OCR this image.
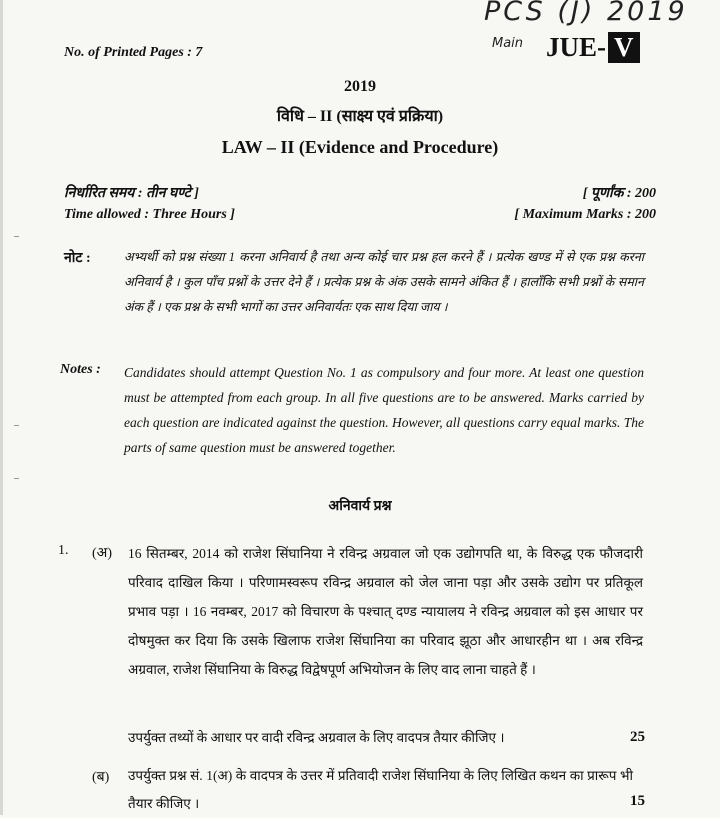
PCS (J) 2019
Main
No. of Printed Pages : 7	JUE- V
2019
विधि – II (साक्ष्य एवं प्रक्रिया)
LAW – II (Evidence and Procedure)
निर्धारित समय : तीन घण्टे ]	[ पूर्णांक : 200
Time allowed : Three Hours ]	[ Maximum Marks : 200
नोट :	अभ्यर्थी को प्रश्न संख्या 1 करना अनिवार्य है तथा अन्य कोई चार प्रश्न हल करने हैं । प्रत्येक खण्ड में से एक प्रश्न करना अनिवार्य है । कुल पाँच प्रश्नों के उत्तर देने हैं । प्रत्येक प्रश्न के अंक उसके सामने अंकित हैं । हालाँकि सभी प्रश्नों के समान अंक हैं । एक प्रश्न के सभी भागों का उत्तर अनिवार्यतः एक साथ दिया जाय ।
Notes : Candidates should attempt Question No. 1 as compulsory and four more. At least one question must be attempted from each group. In all five questions are to be answered. Marks carried by each question are indicated against the question. However, all questions carry equal marks. The parts of same question must be answered together.
अनिवार्य प्रश्न
1. (अ) 16 सितम्बर, 2014 को राजेश सिंघानिया ने रविन्द्र अग्रवाल जो एक उद्योगपति था, के विरुद्ध एक फौजदारी परिवाद दाखिल किया । परिणामस्वरूप रविन्द्र अग्रवाल को जेल जाना पड़ा और उसके उद्योग पर प्रतिकूल प्रभाव पड़ा । 16 नवम्बर, 2017 को विचारण के पश्चात् दण्ड न्यायालय ने रविन्द्र अग्रवाल को इस आधार पर दोषमुक्त कर दिया कि उसके खिलाफ राजेश सिंघानिया का परिवाद झूठा और आधारहीन था । अब रविन्द्र अग्रवाल, राजेश सिंघानिया के विरुद्ध विद्वेषपूर्ण अभियोजन के लिए वाद लाना चाहते हैं ।
उपर्युक्त तथ्यों के आधार पर वादी रविन्द्र अग्रवाल के लिए वादपत्र तैयार कीजिए ।	25
(ब) उपर्युक्त प्रश्न सं. 1(अ) के वादपत्र के उत्तर में प्रतिवादी राजेश सिंघानिया के लिए लिखित कथन का प्रारूप भी तैयार कीजिए ।	15
